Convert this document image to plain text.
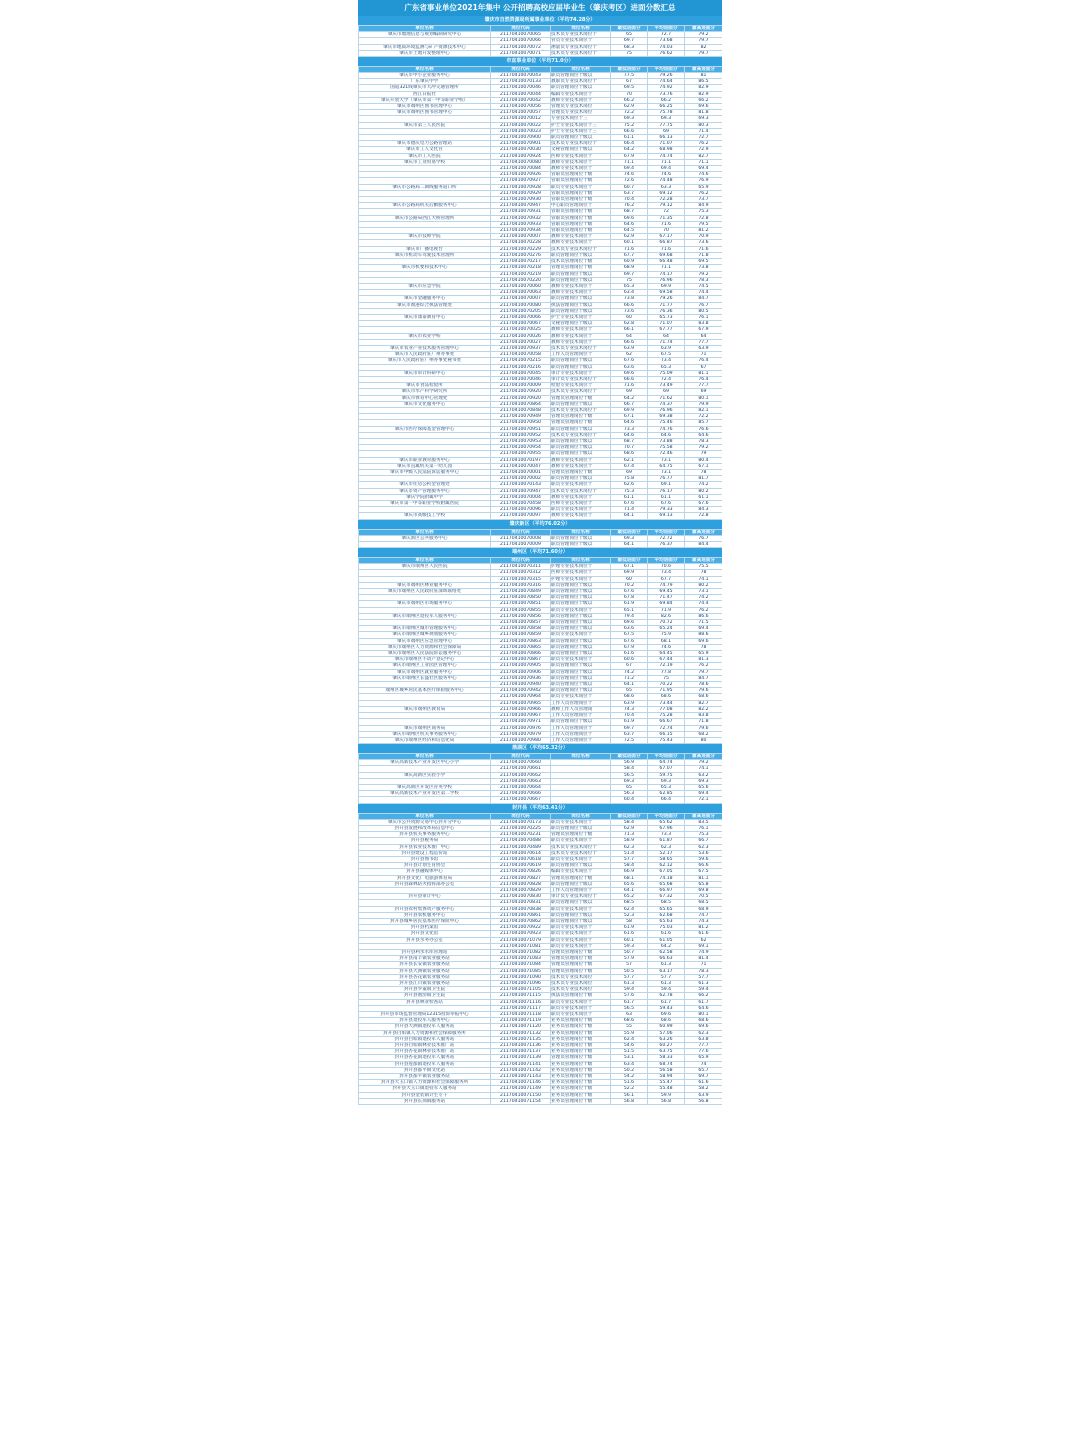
广东省事业单位2021年集中 公开招聘高校应届毕业生（肇庆考区）进面分数汇总
肇庆市自然资源局所属事业单位（平均74.28分）
单位名称	岗位代码	岗位名称	最低进面分	平均进面分	最高进面分
肇庆市地理信息与规划编制研究中心	21170410070065	技术员专业技术岗位十	65	72.7	79.2
	21170410070066	管员专业技术岗位十	69.7	73.68	79.7
肇庆市地质环境监测与矿产资源技术中心	21170410070072	测量员专业技术岗位十	68.3	74.03	82
肇庆市土地开发整理中心	21170410070071	技术员专业技术岗位十	75	76.62	79.7
市直事业单位（平均71.0分）
单位名称	岗位代码	岗位名称	最低进面分	平均进面分	最高进面分
肇庆市中小企业服务中心	21170410070043	职员管理岗位十级以	77.5	79.26	81
广东肇庆中学	21170410070133	教职员专业技术岗位十	67	74.64	86.5
国道321线肇庆市大冲交通管理所	21170410070046	职员管理岗位十级以	69.5	74.92	82.9
西江日报社	21170410070044	编辑专业技术岗位十	70	73.76	82.9
肇庆开放大学（肇庆市第一中等职业学校）	21170410070042	教师专业技术岗位十	66.2	66.2	66.2
肇庆市端州区图书管理中心	21170410070056	管理员专业技术岗位	62.9	66.25	69.6
肇庆市端州区图书管理中心	21170410070057	管理员专业技术岗位	72.2	75.78	81.8
	21170410070012	专业技术岗位十三	69.3	69.3	69.3
肇庆市第三人民医院	21170410070022	护士专业技术岗位十三	75.2	77.75	80.3
	21170410070023	护士专业技术岗位十三	66.6	69	71.4
	21170410070900	职员管理岗位十级以	61.1	66.13	72.7
肇庆市德庆电力公路管理站	21170410070901	技术员专业技术岗位十	66.4	71.07	76.2
肇庆市工人文化宫	21170410070030	文秘管理岗位十级以	64.2	68.98	72.9
肇庆市工人医院	21170410070924	医师专业技术岗位十	67.9	74.74	82.7
肇庆市工业贸易学校	21170410070080	教师专业技术岗位十	71.1	71.1	71.1
	21170410070084	教师专业技术岗位十	69.4	69.4	69.4
	21170410070926	管职员管理岗位十级	74.6	74.6	74.6
	21170410070927	管职员管理岗位十级	72.6	74.48	76.9
肇庆市公路局二期线服务道口所	21170410070928	职员专业技术岗位十	60.7	63.3	65.9
	21170410070929	管职员管理岗位十级	63.7	69.12	76.2
	21170410070930	管职员管理岗位十级	70.4	72.28	73.7
肇庆市公路局机关后勤服务中心	21170410070947	中心职员管理岗位十	76.2	79.12	84.9
	21170410070931	管职员管理岗位十级	68.7	72	75.3
肇庆市公路局西江大桥管理所	21170410070932	管职员管理岗位十级	69.6	71.35	72.8
	21170410070933	管职员管理岗位十级	64.6	71.6	79.5
	21170410070934	管职员管理岗位十级	64.5	70	81.2
肇庆市技师学院	21170410070007	教师专业技术岗位十	62.9	67.17	70.9
	21170410070228	教师专业技术岗位十	60.1	66.87	73.6
肇庆市广播电视台	21170410070229	技术员专业技术岗位十	71.6	71.6	71.6
肇庆市机动车驾驶技术管理所	21170410070276	职员管理岗位十级以	67.7	69.68	71.8
	21170410070217	技术员管理岗位十级	60.9	66.48	69.5
肇庆市机要和技术中心	21170410070218	管理员管理岗位十级	68.9	71.1	73.8
	21170410070219	职员管理岗位十级以	69.7	74.17	79.2
	21170410070220	职员管理岗位十级以	75	76.96	78.3
肇庆市应急学院	21170410070060	教师专业技术岗位十	65.3	69.9	74.5
	21170410070063	教师专业技术岗位十	63.4	69.58	74.4
肇庆市金融服务中心	21170410070007	职员管理岗位十级以	73.8	79.26	84.7
肇庆市渔港综合执法管理处	21170410070080	执法管理岗位十级以	66.6	71.77	76.7
	21170410070205	职员管理岗位十级以	73.6	76.36	80.5
肇庆市康泰教育中心	21170410070066	护士专业技术岗位十	60	65.73	76.1
	21170410070067	文秘管理岗位十级以	62.8	71.07	83.8
	21170410070025	教师专业技术岗位十	66.1	67.77	67.9
肇庆市农业学校	21170410070026	教师专业技术岗位十	64	64	64
	21170410070027	教师专业技术岗位十	66.6	71.74	77.7
肇庆市农业产业技术服务管理中心	21170410070937	技术员专业技术岗位十	63.9	63.9	63.9
肇庆市人民政府驻广州办事处	21170410070058	工作人员管理岗位十	62	67.5	71
肇庆市人民政府驻广州办事处秘书处	21170410070215	职员管理岗位十级以	67.6	73.4	76.4
	21170410070216	职员管理岗位十级以	63.6	65.3	67
肇庆市审计科研中心	21170410070045	审计专业技术岗位十	69.6	75.09	81.1
	21170410070046	审计员专业技术岗位十	66.6	72.4	76.4
肇庆市食品检验所	21170410070009	检验专业技术岗位十	71.6	73.49	77.7
肇庆市水产科学研究所	21170410070920	技术员专业技术岗位十	69	69	69
肇庆市体育中心管理处	21170410070920	管理员管理岗位十级	64.2	71.62	80.1
肇庆市文化服务中心	21170410070864	职员管理岗位十级以	66.7	74.37	79.9
	21170410070848	技术员专业技术岗位十	69.9	76.96	82.1
	21170410070949	管理员管理岗位十级	67.1	69.38	72.2
	21170410070950	管理员管理岗位十级	64.6	75.46	85.7
肇庆市医疗保障基金管理中心	21170410070951	职员管理岗位十级以	73.3	74.76	76.6
	21170410070952	技术员专业技术岗位十	64.6	64.6	64.6
	21170410070953	职员管理岗位十级以	68.7	73.88	78.3
	21170410070954	职员管理岗位十级以	70.7	75.58	79.2
	21170410070955	职员管理岗位十级以	68.6	72.46	79
肇庆市职业教育服务中心	21170410070197	教师专业技术岗位十	62.1	73.1	80.4
肇庆市直属机关第一幼儿园	21170410070047	教师专业技术岗位十	67.4	64.75	67.1
肇庆市中级人民法院诉讼服务中心	21170410070001	管理员管理岗位十级	69	73.1	78
	21170410070002	职员管理岗位十级以	75.8	76.77	81.7
肇庆市住房公积金管理处	21170410070143	职员专业技术岗位十	62.6	69.1	74.2
肇庆市资产管理服务中心	21170410070947	技术员专业技术岗位十	75.3	76.17	80.2
肇庆学院附属中学	21170410070004	教师专业技术岗位十	61.1	61.1	61.1
肇庆市第一中等职业学校附属医院	21170410070458	医师专业技术岗位十	67.6	67.6	67.6
	21170410070096	职员专业技术岗位十	71.4	79.33	84.3
肇庆市高级技工学校	21170410070097	教师专业技术岗位十	64.1	69.13	72.8
肇庆新区（平均76.02分）
单位名称	岗位代码	岗位名称	最低进面分	平均进面分	最高进面分
肇庆新区公共服务中心	21170410070008	职员管理岗位十级以	69.3	72.72	76.7
	21170410070009	职员管理岗位十级以	64.1	76.37	84.4
端州区（平均71.60分）
单位名称	岗位代码	岗位名称	最低进面分	平均进面分	最高进面分
肇庆市端州区人民医院	21170410070311	护理专业技术岗位十	67.1	70.6	75.5
	21170410070312	医师专业技术岗位十	69.9	73.4	78
	21170410070315	护理专业技术岗位十	60	67.7	74.1
肇庆市端州区林业服务中心	21170410070316	职员管理岗位十级以	70.2	74.79	80.2
肇庆市端州区人民政府驻深圳联络处	21170410070849	职员管理岗位十级以	67.6	69.45	73.1
	21170410070850	职员管理岗位十级以	67.8	71.47	74.2
肇庆市端州区市场服务中心	21170410070851	职员管理岗位十级以	61.9	69.84	74.4
	21170410070855	职员专业技术岗位十	65.1	71.9	76.2
肇庆市端州区退役军人服务中心	21170410070856	职员管理岗位十级以	79.4	82.6	86.6
	21170410070857	职员管理岗位十级以	69.6	70.72	71.5
肇庆市端州区城市管理服务中心	21170410070858	职员管理岗位十级以	63.6	65.24	69.4
肇庆市端州区城乡规划服务中心	21170410070859	职员专业技术岗位十	67.5	75.9	88.6
肇庆市端州区应急管理中心	21170410070863	职员管理岗位十级以	67.6	68.1	69.6
肇庆市端州区人力资源和社会保障局	21170410070865	职员管理岗位十级以	67.9	74.6	78
肇庆市端州区人民法院诉讼服务中心	21170410070866	职员管理岗位十级以	61.6	64.45	65.9
肇庆市端州区不动产登记中心	21170410070867	职员专业技术岗位十	60.6	67.44	81.3
肇庆市端州区工业园区管理中心	21170410070905	职员管理岗位十级以	67	72.19	76.2
肇庆市端州区就业服务中心	21170410070906	职员管理岗位十级以	74.2	77.8	79.7
肇庆市端州区长盛社区服务中心	21170410070936	职员管理岗位十级以	71.2	75	84.7
	21170410070940	职员管理岗位十级以	64.1	70.22	78.6
端州区城乡居民基本医疗保险服务中心	21170410070942	职员管理岗位十级以	65	71.95	79.6
	21170410070964	职员专业技术岗位十	68.6	68.6	68.6
	21170410070965	工作人员管理岗位十	63.9	73.44	82.7
肇庆市端州区教育局	21170410070966	教师工作人员管理岗	74.3	77.08	82.2
	21170410070967	工作人员管理岗位十	70.4	75.28	83.8
	21170410070971	职员管理岗位十级以	61.9	66.67	71.8
肇庆市端州区商务局	21170410070976	工作人员管理岗位十	69.7	72.74	79.6
肇庆市端州区机关事务服务中心	21170410070979	工作人员管理岗位十	63.7	66.15	68.2
肇庆市端州区经济和信息化局	21170410070980	工作人员管理岗位十	72.5	75.43	80
鼎湖区（平均65.32分）
单位名称	岗位代码	岗位名称	最低进面分	平均进面分	最高进面分
肇庆高新技术产业开发区中心小学	21170410070660		56.9	64.74	79.2
	21170410070661		58.4	67.07	74.1
肇庆高新区实验小学	21170410070662		56.5	59.75	63.2
	21170410070663		69.3	69.3	69.3
肇庆高新区开发区育英学校	21170410070664		65	65.3	65.6
肇庆高新技术产业开发区第二学校	21170410070666		56.3	62.85	69.4
	21170410070667		60.4	66.4	72.1
封开县（平均63.41分）
单位名称	岗位代码	岗位名称	最低进面分	平均进面分	最高进面分
肇庆市公共资源交易中心封开分中心	21170410070173	职员专业技术岗位十	58.4	65.62	83.5
封开县发展和改革局信息中心	21170410070225	职员管理岗位十级以	62.9	67.96	76.1
封开县机关事务服务中心	21170410070231	管理员管理岗位十级	71.3	73.3	75.3
封开县税务局	21170410070488	职员专业技术岗位十	58.9	61.87	66.7
封开县农业技术推广中心	21170410070489	技术员专业技术岗位十	62.3	62.3	62.3
封开县建设工程造价站	21170410070614	技术员专业技术岗位十	51.4	52.17	53.6
封开县图书馆	21170410070618	职员专业技术岗位十	57.7	58.65	59.6
封开县计划生育协会	21170410070619	职员管理岗位十级以	58.4	62.12	66.6
封开县融媒体中心	21170410070826	编辑专业技术岗位十	66.9	67.05	67.5
封开县文化广电旅游体育局	21170410070827	管理员管理岗位十级	68.1	74.18	81.1
封开县森林防火指挥部办公室	21170410070828	职员管理岗位十级以	65.6	65.68	65.8
	21170410070829	工作人员管理岗位十	64.1	66.97	69.8
封开县审计中心	21170410070830	审计员专业技术岗位十	65.2	67.32	70.5
	21170410070831	职员管理岗位十级以	68.5	68.5	68.5
封开县农村集体资产服务中心	21170410070838	职员专业技术岗位十	62.4	65.65	68.9
封开县农机服务中心	21170410070861	职员管理岗位十级以	52.3	62.68	74.7
封开县城乡居民基本医疗保险中心	21170410070862	职员管理岗位十级以	58	65.63	74.3
封开县档案馆	21170410070922	职员专业技术岗位十	61.9	75.03	81.2
封开县文化馆	21170410070923	职员专业技术岗位十	61.6	61.6	61.6
封开县水务办公室	21170410071079	职员专业技术岗位十	60.1	61.05	62
	21170410071081	职员专业技术岗位十	59.3	64.2	69.1
封开县利水水库管理站	21170410071082	管理员管理岗位十级	50.7	62.58	74.9
封开县南丰镇农业服务站	21170410071083	管理员管理岗位十级	57.9	66.63	81.4
封开县长安镇农业服务站	21170410071084	管理员管理岗位十级	57	61.3	71
封开县大洲镇农业服务站	21170410071085	管理员管理岗位十级	50.5	63.17	78.3
封开县杏花镇农业服务站	21170410071090	技术员专业技术岗位	57.7	57.7	57.7
封开县江川镇农业服务站	21170410071096	技术员专业技术岗位	61.3	61.3	61.3
封开县罗董镇卫生院	21170410071105	技术员专业技术岗位	59.4	59.4	59.4
封开县渔涝镇卫生院	21170410071115	执法员管理岗位十级	57.6	62.78	66.2
封开县林业检查站	21170410071116	职员专业技术岗位十	61.7	61.7	61.7
	21170410071117	职员专业技术岗位十	56.5	59.43	64.6
封开县市场监督管理局12315投诉举报中心	21170410071118	职员专业技术岗位十	63	69.6	80.1
封开县退役军人服务中心	21170410071119	业务员管理岗位十级	68.6	68.6	68.6
封开县大洲镇退役军人服务站	21170410071120	业务员管理岗位十级	55	60.99	69.6
封开县白垢镇人力资源和社会保障服务所	21170410071132	业务员管理岗位十级	55.9	57.06	62.3
封开县白垢镇退役军人服务站	21170410071135	业务员管理岗位十级	62.4	63.26	63.8
封开县白垢镇林业技术推广站	21170410071136	业务员管理岗位十级	54.6	60.27	77.7
封开县杏花镇林业技术推广站	21170410071137	业务员管理岗位十级	51.5	63.75	77.6
封开县杏花镇退役军人服务站	21170410071139	管理员管理岗位十级	53.1	58.33	65.9
封开县莲都镇退役军人服务站	21170410071141	业务员管理岗位十级	63.4	68.74	74
封开县都平镇文化站	21170410071142	业务员管理岗位十级	50.2	56.58	65.7
封开县都平镇农业服务站	21170410071143	业务员管理岗位十级	54.2	58.94	69.7
封开县大玉口镇人力资源和社会保障服务所	21170410071146	业务员管理岗位十级	51.6	55.47	61.6
封开县大玉口镇退役军人服务站	21170410071149	业务员管理岗位十级	52.2	55.48	58.2
封开县金装镇计生专干	21170410071150	业务员管理岗位十级	56.1	59.9	63.9
封开县长岗镇服务站	21170410071154	业务员管理岗位十级	56.8	56.8	56.8
